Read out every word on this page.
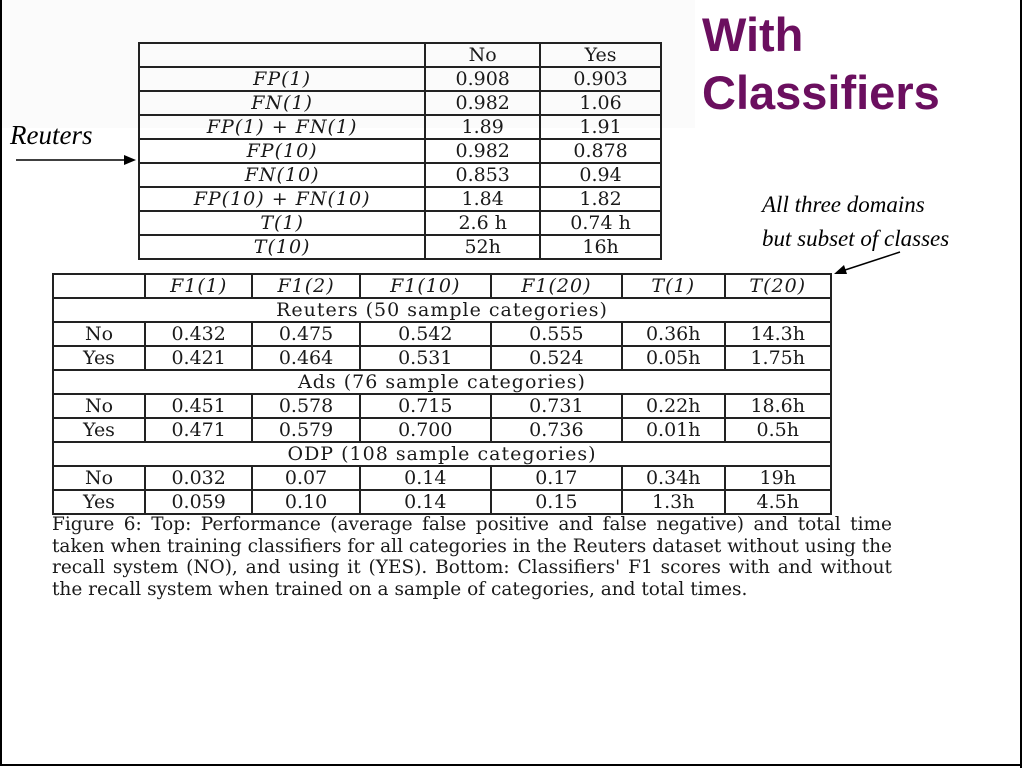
With
Classifiers
Reuters

All three domains
but subset of classes

	No	Yes
FP(1)	0.908	0.903
FN(1)	0.982	1.06
FP(1) + FN(1)	1.89	1.91
FP(10)	0.982	0.878
FN(10)	0.853	0.94
FP(10) + FN(10)	1.84	1.82
T(1)	2.6 h	0.74 h
T(10)	52h	16h
	F1(1)	F1(2)	F1(10)	F1(20)	T(1)	T(20)
Reuters (50 sample categories)						
No	0.432	0.475	0.542	0.555	0.36h	14.3h
Yes	0.421	0.464	0.531	0.524	0.05h	1.75h
Ads (76 sample categories)						
No	0.451	0.578	0.715	0.731	0.22h	18.6h
Yes	0.471	0.579	0.700	0.736	0.01h	0.5h
ODP (108 sample categories)						
No	0.032	0.07	0.14	0.17	0.34h	19h
Yes	0.059	0.10	0.14	0.15	1.3h	4.5h

Figure 6: Top: Performance (average false positive and false negative) and total time taken when training classifiers for all categories in the Reuters dataset without using the recall system (NO), and using it (YES). Bottom: Classifiers' F1 scores with and without the recall system when trained on a sample of categories, and total times.
